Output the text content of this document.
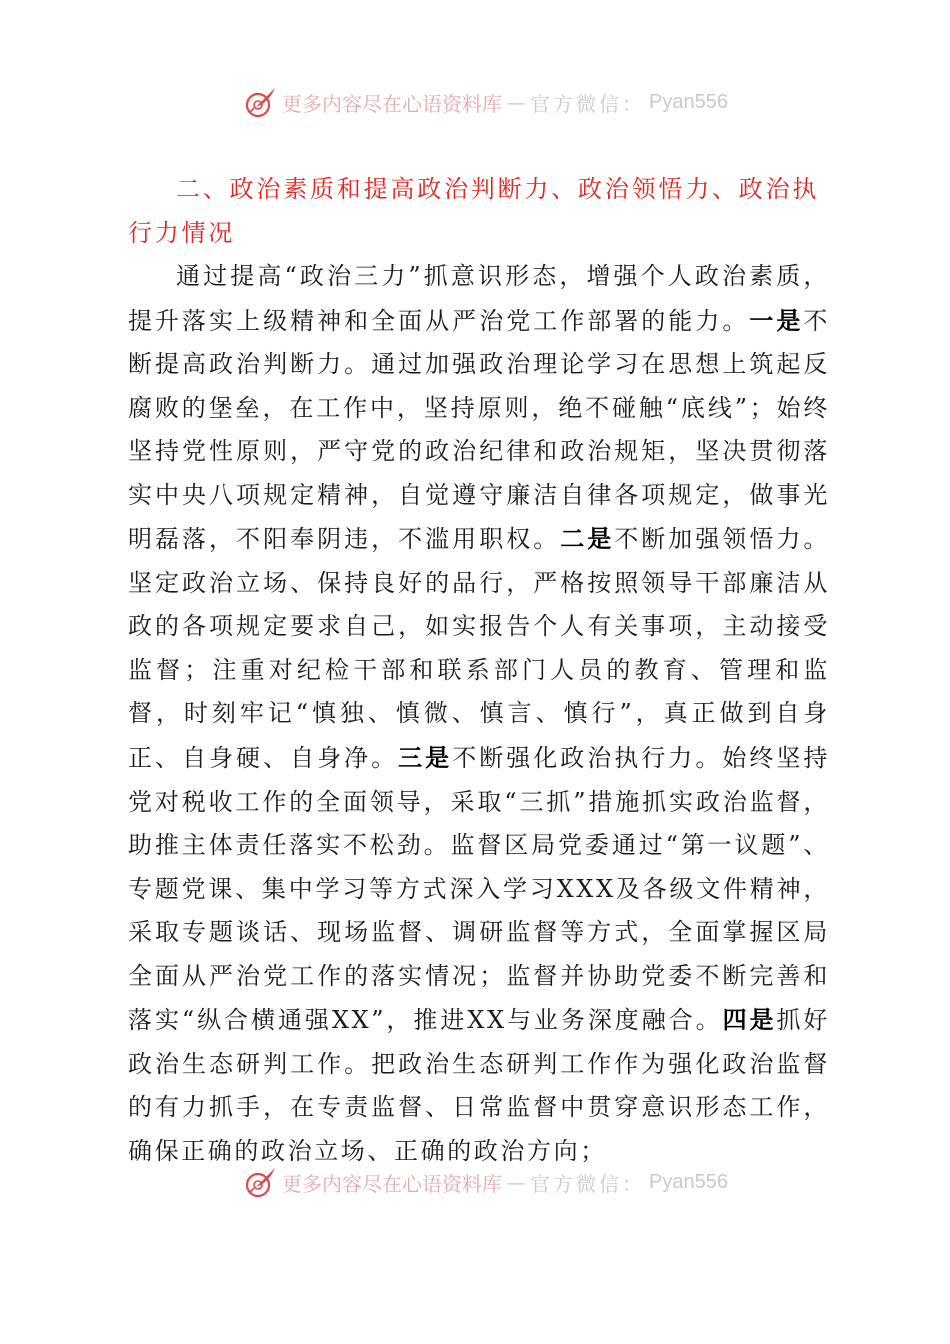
更多内容尽在心语资料库 — 官方微信： Pyan556
二、政治素质和提高政治判断力、政治领悟力、政治执行力情况

通过提高“政治三力”抓意识形态，增强个人政治素质，提升落实上级精神和全面从严治党工作部署的能力。一是不断提高政治判断力。通过加强政治理论学习在思想上筑起反腐败的堡垒，在工作中，坚持原则，绝不碰触“底线”；始终坚持党性原则，严守党的政治纪律和政治规矩，坚决贯彻落实中央八项规定精神，自觉遵守廉洁自律各项规定，做事光明磊落，不阳奉阴违，不滥用职权。二是不断加强领悟力。坚定政治立场、保持良好的品行，严格按照领导干部廉洁从政的各项规定要求自己，如实报告个人有关事项，主动接受监督；注重对纪检干部和联系部门人员的教育、管理和监督，时刻牢记“慎独、慎微、慎言、慎行”，真正做到自身正、自身硬、自身净。三是不断强化政治执行力。始终坚持党对税收工作的全面领导，采取“三抓”措施抓实政治监督，助推主体责任落实不松劲。监督区局党委通过“第一议题”、专题党课、集中学习等方式深入学习XXX及各级文件精神，采取专题谈话、现场监督、调研监督等方式，全面掌握区局全面从严治党工作的落实情况；监督并协助党委不断完善和落实“纵合横通强XX”，推进XX与业务深度融合。四是抓好政治生态研判工作。把政治生态研判工作作为强化政治监督的有力抓手，在专责监督、日常监督中贯穿意识形态工作，确保正确的政治立场、正确的政治方向；

更多内容尽在心语资料库 — 官方微信： Pyan556
